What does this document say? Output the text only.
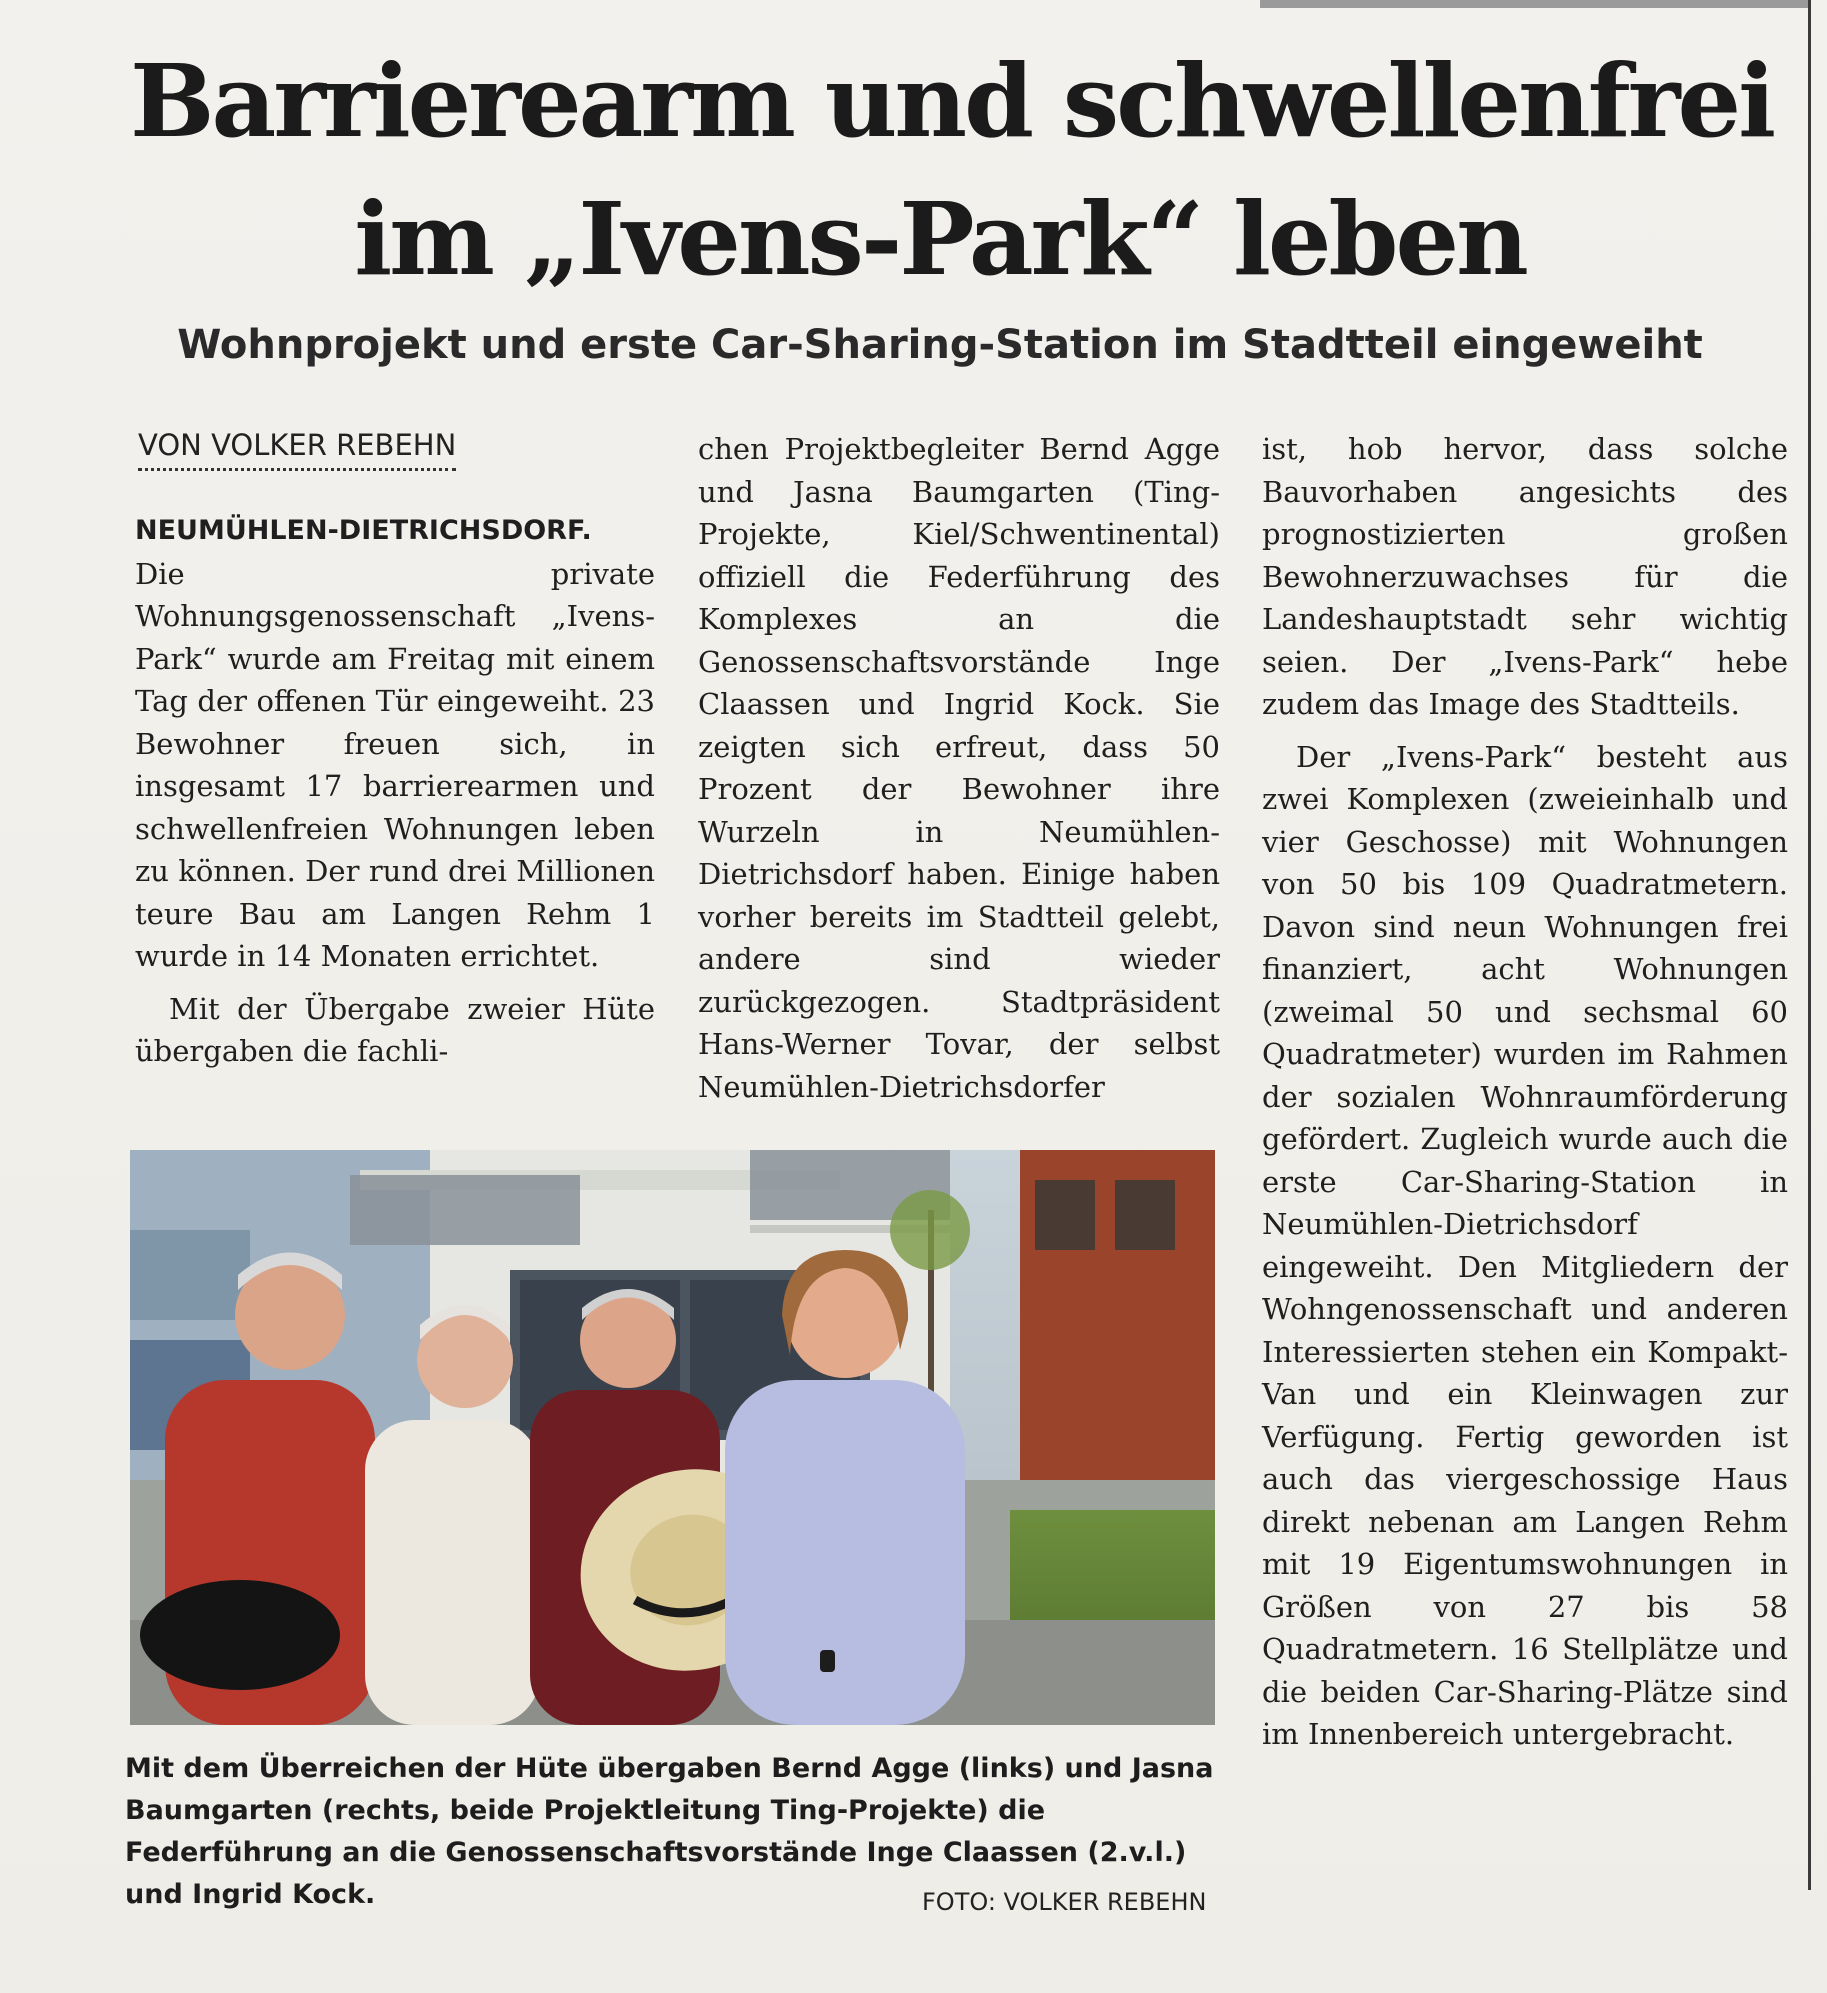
Barrierearm und schwellenfrei
im „Ivens-Park“ leben
Wohnprojekt und erste Car-Sharing-Station im Stadtteil eingeweiht
VON VOLKER REBEHN

NEUMÜHLEN-DIETRICHSDORF.
Die private Wohnungsgenossenschaft „Ivens-Park“ wurde am Freitag mit einem Tag der offenen Tür eingeweiht. 23 Bewohner freuen sich, in insgesamt 17 barrierearmen und schwellenfreien Wohnungen leben zu können. Der rund drei Millionen teure Bau am Langen Rehm 1 wurde in 14 Monaten errichtet.

Mit der Übergabe zweier Hüte übergaben die fachli-

chen Projektbegleiter Bernd Agge und Jasna Baumgarten (Ting-Projekte, Kiel/Schwentinental) offiziell die Federführung des Komplexes an die Genossenschaftsvorstände Inge Claassen und Ingrid Kock. Sie zeigten sich erfreut, dass 50 Prozent der Bewohner ihre Wurzeln in Neumühlen-Dietrichsdorf haben. Einige haben vorher bereits im Stadtteil gelebt, andere sind wieder zurückgezogen. Stadtpräsident Hans-Werner Tovar, der selbst Neumühlen-Dietrichsdorfer

ist, hob hervor, dass solche Bauvorhaben angesichts des prognostizierten großen Bewohnerzuwachses für die Landeshauptstadt sehr wichtig seien. Der „Ivens-Park“ hebe zudem das Image des Stadtteils.

Der „Ivens-Park“ besteht aus zwei Komplexen (zweieinhalb und vier Geschosse) mit Wohnungen von 50 bis 109 Quadratmetern. Davon sind neun Wohnungen frei finanziert, acht Wohnungen (zweimal 50 und sechsmal 60 Quadratmeter) wurden im Rahmen der sozialen Wohnraumförderung gefördert. Zugleich wurde auch die erste Car-Sharing-Station in Neumühlen-Dietrichsdorf eingeweiht. Den Mitgliedern der Wohngenossenschaft und anderen Interessierten stehen ein Kompakt-Van und ein Kleinwagen zur Verfügung. Fertig geworden ist auch das viergeschossige Haus direkt nebenan am Langen Rehm mit 19 Eigentumswohnungen in Größen von 27 bis 58 Quadratmetern. 16 Stellplätze und die beiden Car-Sharing-Plätze sind im Innenbereich untergebracht.

Mit dem Überreichen der Hüte übergaben Bernd Agge (links) und Jasna Baumgarten (rechts, beide Projektleitung Ting-Projekte) die Federführung an die Genossenschaftsvorstände Inge Claassen (2.v.l.) und Ingrid Kock.	FOTO: VOLKER REBEHN
